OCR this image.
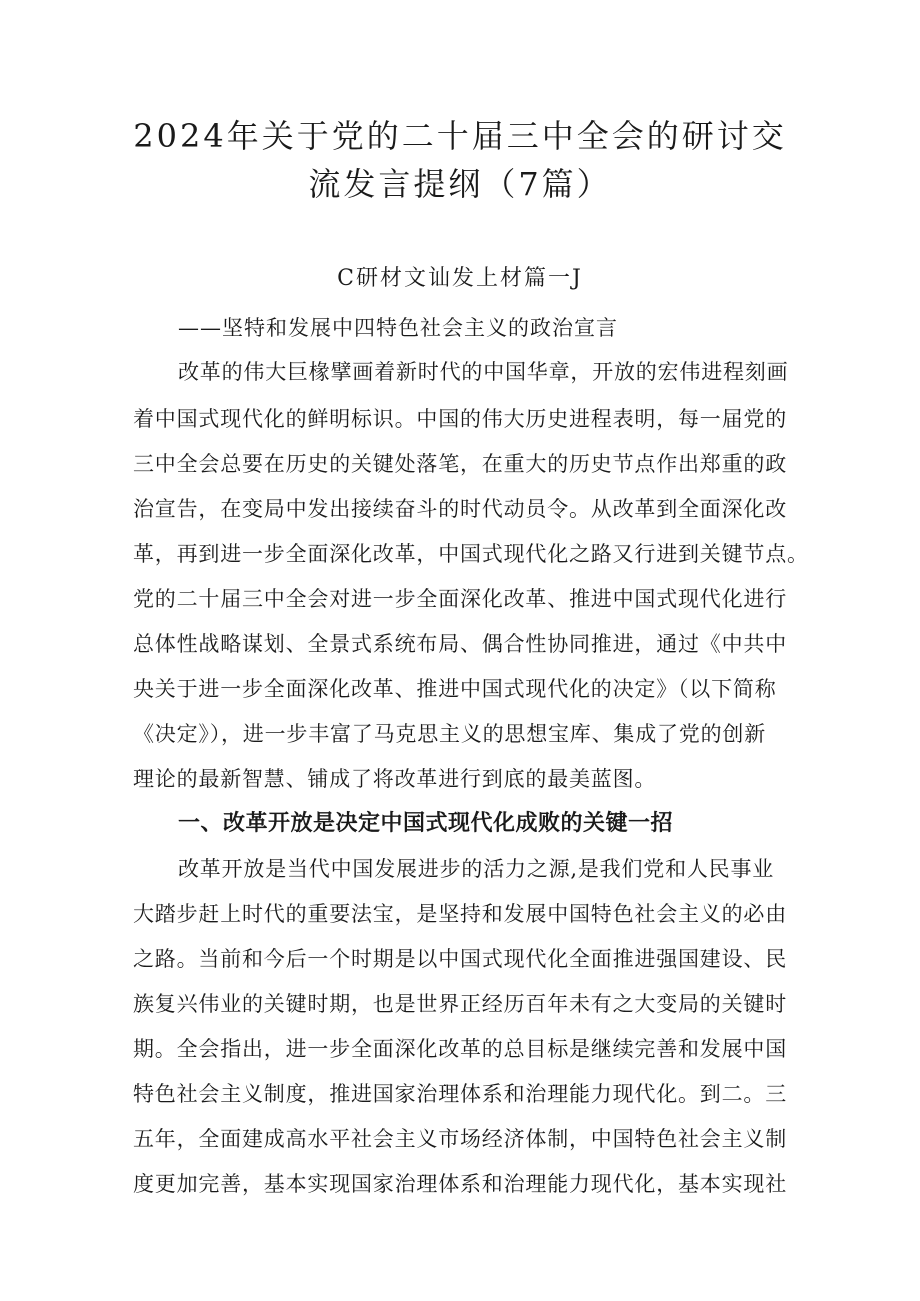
2024年关于党的二十届三中全会的研讨交
流发言提纲（7篇）
C研材文讪发上材篇一J
——坚特和发展中四特色社会主义的政治宣言
改革的伟大巨椽擘画着新时代的中国华章，开放的宏伟进程刻画
着中国式现代化的鲜明标识。中国的伟大历史进程表明，每一届党的
三中全会总要在历史的关键处落笔，在重大的历史节点作出郑重的政
治宣告，在变局中发出接续奋斗的时代动员令。从改革到全面深化改
革，再到进一步全面深化改革，中国式现代化之路又行进到关键节点。
党的二十届三中全会对进一步全面深化改革、推进中国式现代化进行
总体性战略谋划、全景式系统布局、偶合性协同推进，通过《中共中
央关于进一步全面深化改革、推进中国式现代化的决定》（以下简称
《决定》），进一步丰富了马克思主义的思想宝库、集成了党的创新
理论的最新智慧、铺成了将改革进行到底的最美蓝图。
一、改革开放是决定中国式现代化成败的关键一招
改革开放是当代中国发展进步的活力之源,是我们党和人民事业
大踏步赶上时代的重要法宝，是坚持和发展中国特色社会主义的必由
之路。当前和今后一个时期是以中国式现代化全面推进强国建设、民
族复兴伟业的关键时期，也是世界正经历百年未有之大变局的关键时
期。全会指出，进一步全面深化改革的总目标是继续完善和发展中国
特色社会主义制度，推进国家治理体系和治理能力现代化。到二。三
五年，全面建成高水平社会主义市场经济体制，中国特色社会主义制
度更加完善，基本实现国家治理体系和治理能力现代化，基本实现社
